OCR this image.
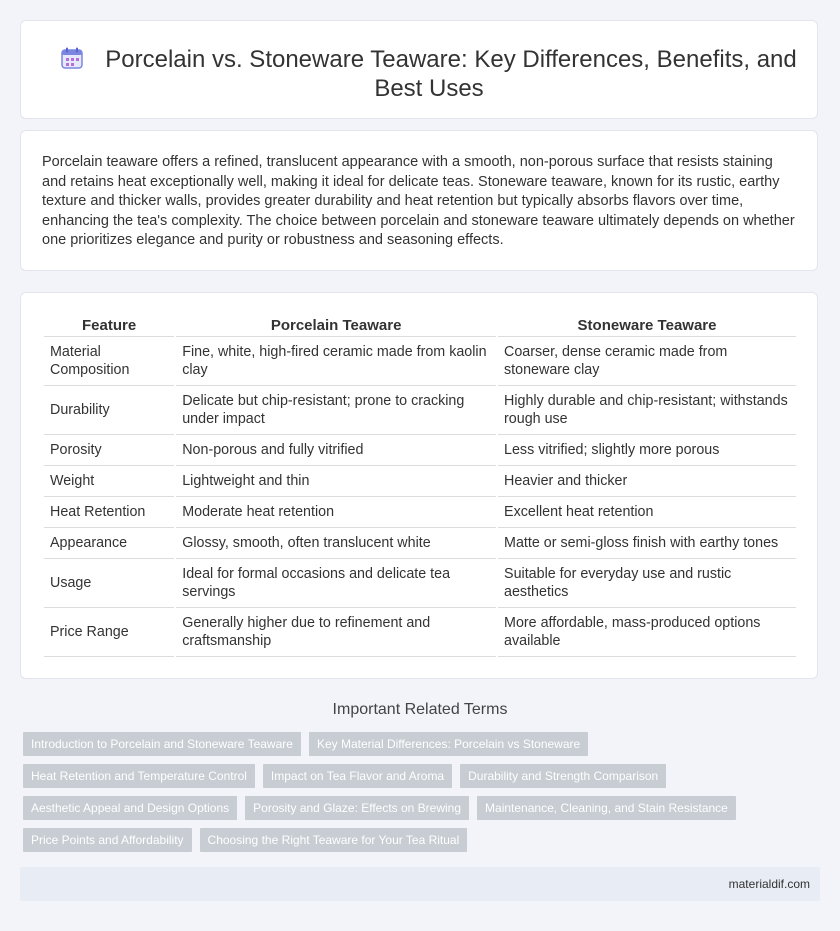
Porcelain vs. Stoneware Teaware: Key Differences, Benefits, and Best Uses
Porcelain teaware offers a refined, translucent appearance with a smooth, non-porous surface that resists staining and retains heat exceptionally well, making it ideal for delicate teas. Stoneware teaware, known for its rustic, earthy texture and thicker walls, provides greater durability and heat retention but typically absorbs flavors over time, enhancing the tea's complexity. The choice between porcelain and stoneware teaware ultimately depends on whether one prioritizes elegance and purity or robustness and seasoning effects.
Feature	Porcelain Teaware	Stoneware Teaware
Material Composition	Fine, white, high-fired ceramic made from kaolin clay	Coarser, dense ceramic made from stoneware clay
Durability	Delicate but chip-resistant; prone to cracking under impact	Highly durable and chip-resistant; withstands rough use
Porosity	Non-porous and fully vitrified	Less vitrified; slightly more porous
Weight	Lightweight and thin	Heavier and thicker
Heat Retention	Moderate heat retention	Excellent heat retention
Appearance	Glossy, smooth, often translucent white	Matte or semi-gloss finish with earthy tones
Usage	Ideal for formal occasions and delicate tea servings	Suitable for everyday use and rustic aesthetics
Price Range	Generally higher due to refinement and craftsmanship	More affordable, mass-produced options available
Important Related Terms
Introduction to Porcelain and Stoneware Teaware	Key Material Differences: Porcelain vs Stoneware
Heat Retention and Temperature Control	Impact on Tea Flavor and Aroma	Durability and Strength Comparison
Aesthetic Appeal and Design Options	Porosity and Glaze: Effects on Brewing	Maintenance, Cleaning, and Stain Resistance
Price Points and Affordability	Choosing the Right Teaware for Your Tea Ritual
materialdif.com
